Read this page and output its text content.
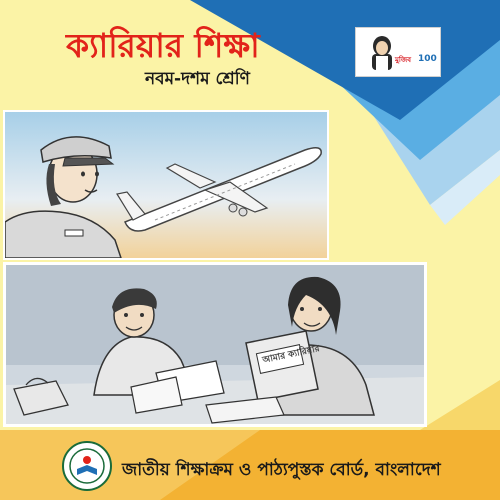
ক্যারিয়ার শিক্ষা
নবম-দশম শ্রেণি
মুজিব 100
আমার ক্যারিয়ার
জাতীয় শিক্ষাক্রম ও পাঠ্যপুস্তক বোর্ড, বাংলাদেশ
